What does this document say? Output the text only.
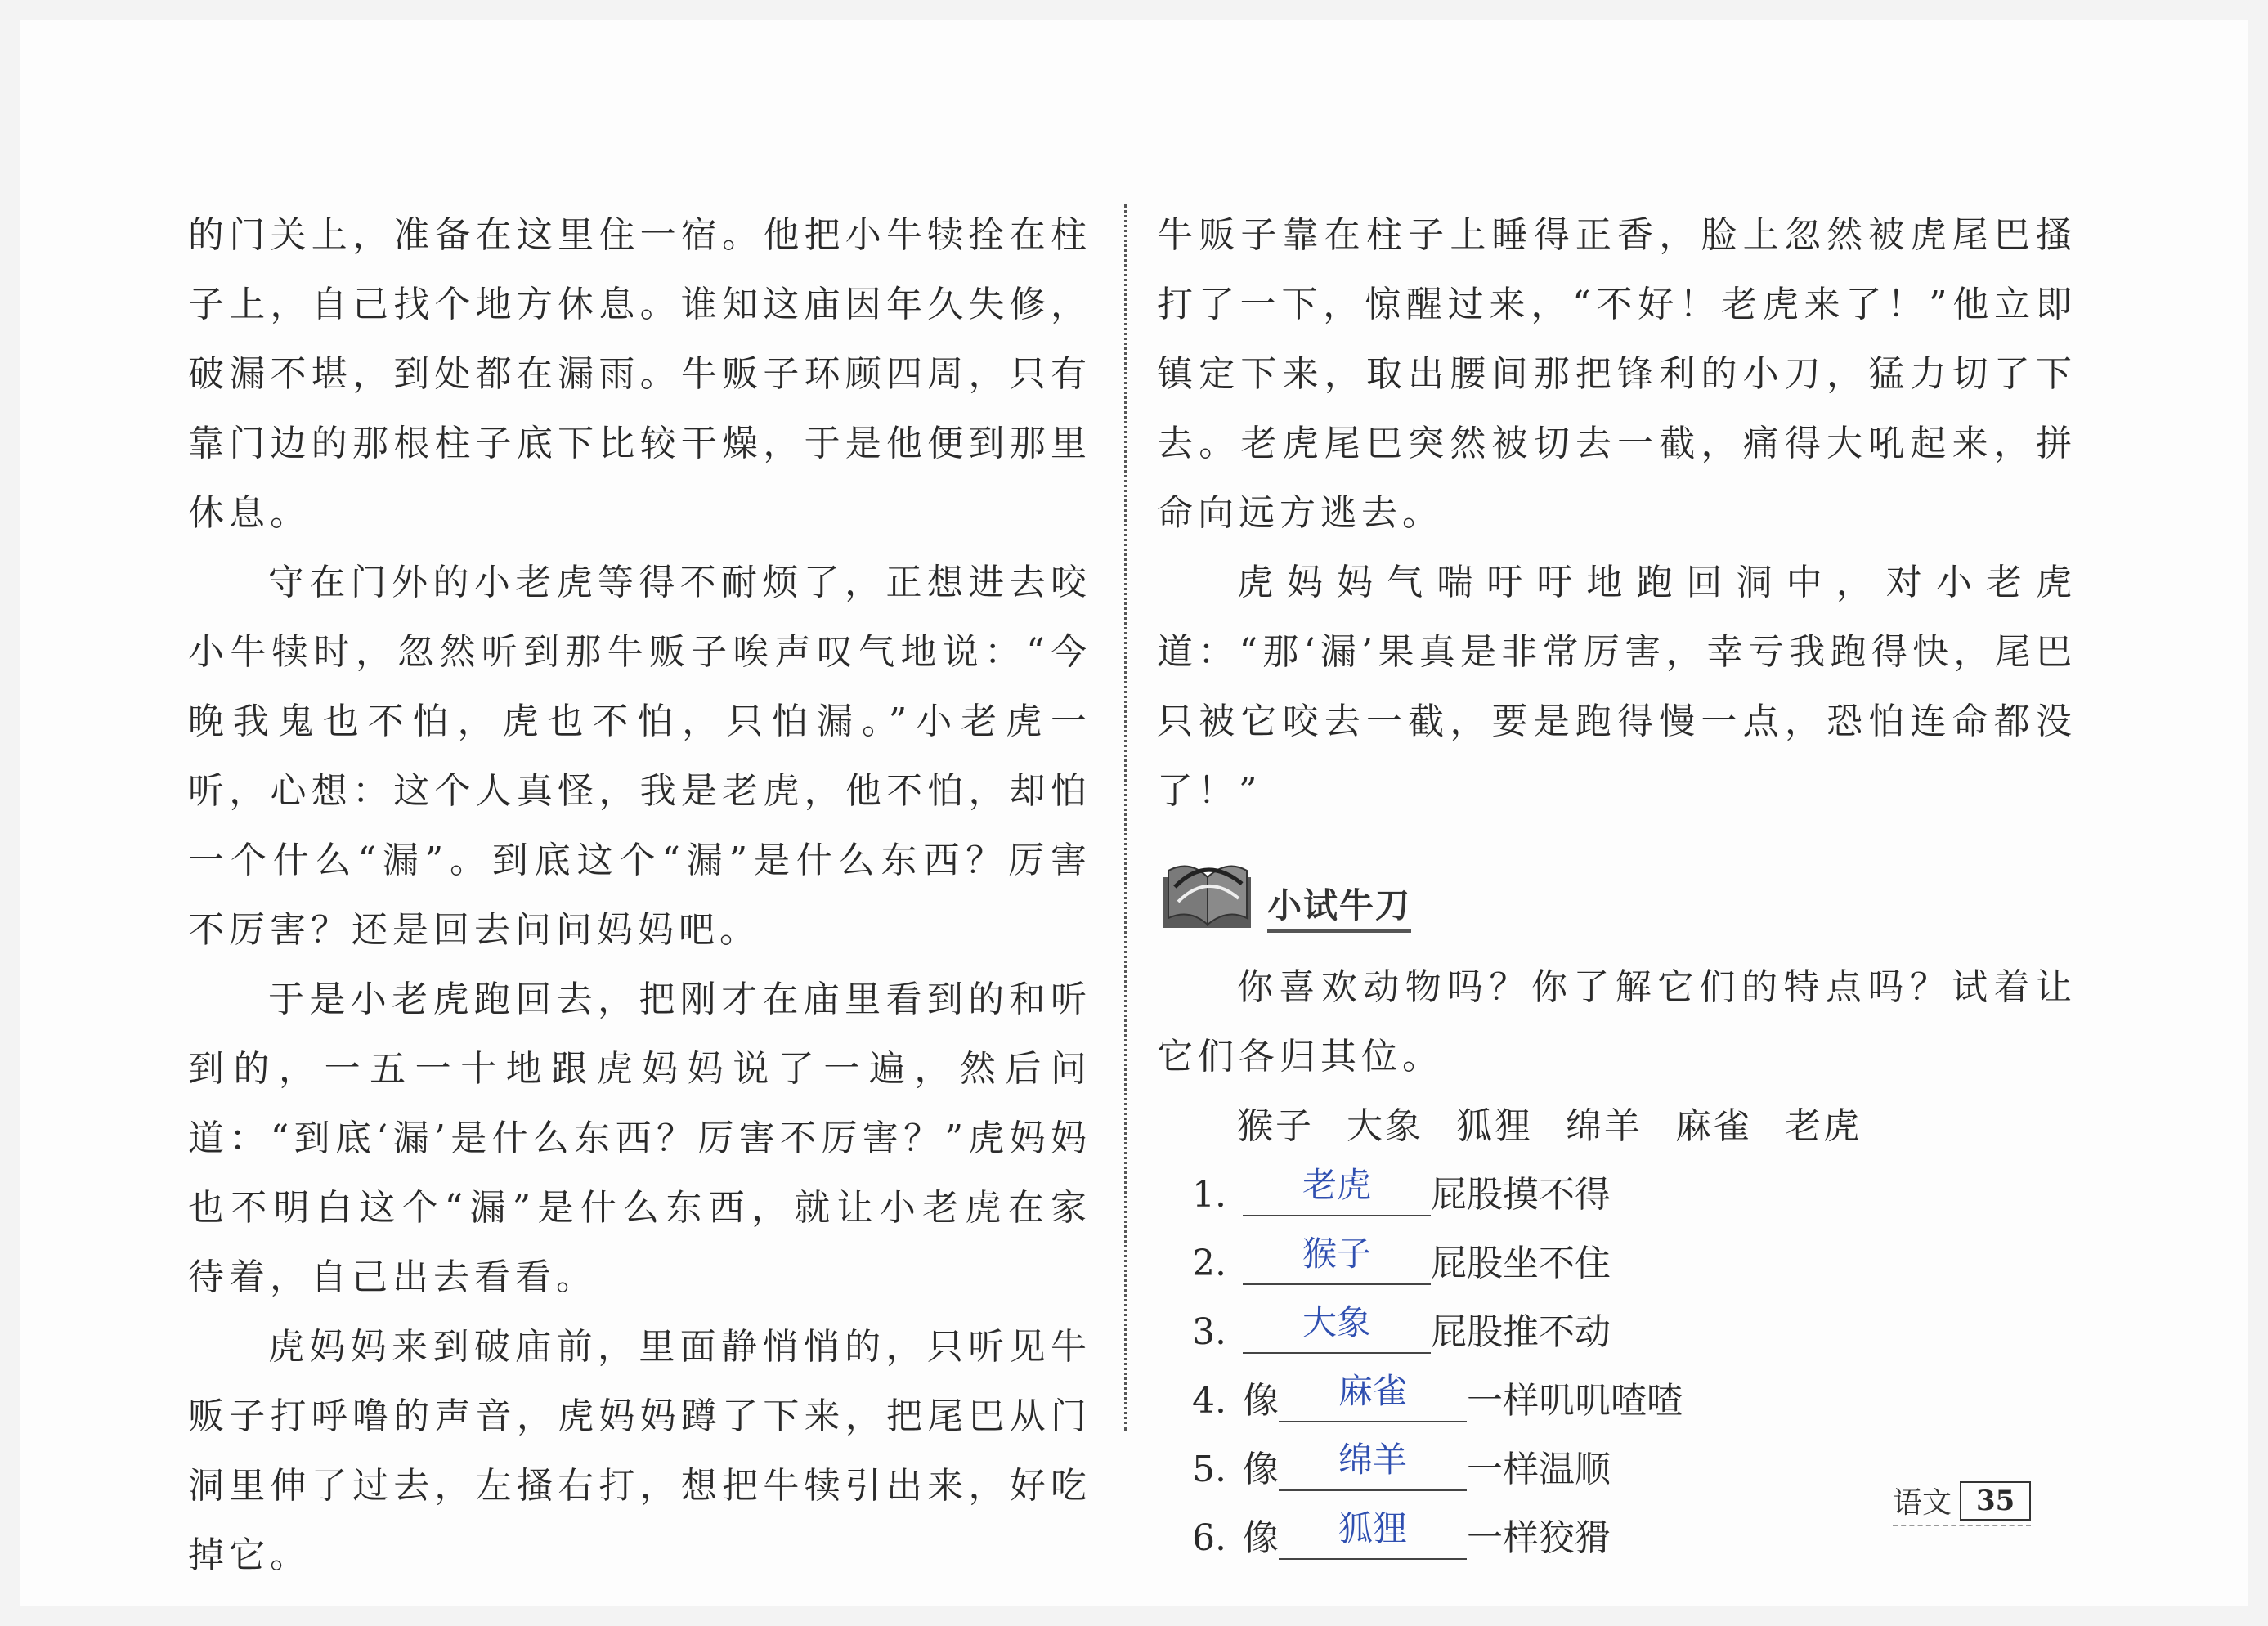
的门关上，准备在这里住一宿。他把小牛犊拴在柱子上，自己找个地方休息。谁知这庙因年久失修，破漏不堪，到处都在漏雨。牛贩子环顾四周，只有靠门边的那根柱子底下比较干燥，于是他便到那里休息。

守在门外的小老虎等得不耐烦了，正想进去咬小牛犊时，忽然听到那牛贩子唉声叹气地说：“今晚我鬼也不怕，虎也不怕，只怕漏。”小老虎一听，心想：这个人真怪，我是老虎，他不怕，却怕一个什么“漏”。到底这个“漏”是什么东西？厉害不厉害？还是回去问问妈妈吧。

于是小老虎跑回去，把刚才在庙里看到的和听到的，一五一十地跟虎妈妈说了一遍，然后问道：“到底‘漏’是什么东西？厉害不厉害？”虎妈妈也不明白这个“漏”是什么东西，就让小老虎在家待着，自己出去看看。

虎妈妈来到破庙前，里面静悄悄的，只听见牛贩子打呼噜的声音，虎妈妈蹲了下来，把尾巴从门洞里伸了过去，左搔右打，想把牛犊引出来，好吃掉它。

牛贩子靠在柱子上睡得正香，脸上忽然被虎尾巴搔打了一下，惊醒过来，“不好！老虎来了！”他立即镇定下来，取出腰间那把锋利的小刀，猛力切了下去。老虎尾巴突然被切去一截，痛得大吼起来，拼命向远方逃去。

虎妈妈气喘吁吁地跑回洞中，对小老虎道：“那‘漏’果真是非常厉害，幸亏我跑得快，尾巴只被它咬去一截，要是跑得慢一点，恐怕连命都没了！”

小试牛刀

你喜欢动物吗？你了解它们的特点吗？试着让它们各归其位。

猴子 大象 狐狸 绵羊 麻雀 老虎
1.	老虎	屁股摸不得
2.	猴子	屁股坐不住
3.	大象	屁股推不动
4. 像	麻雀	一样叽叽喳喳
5. 像	绵羊	一样温顺
6. 像	狐狸	一样狡猾
语文 35
